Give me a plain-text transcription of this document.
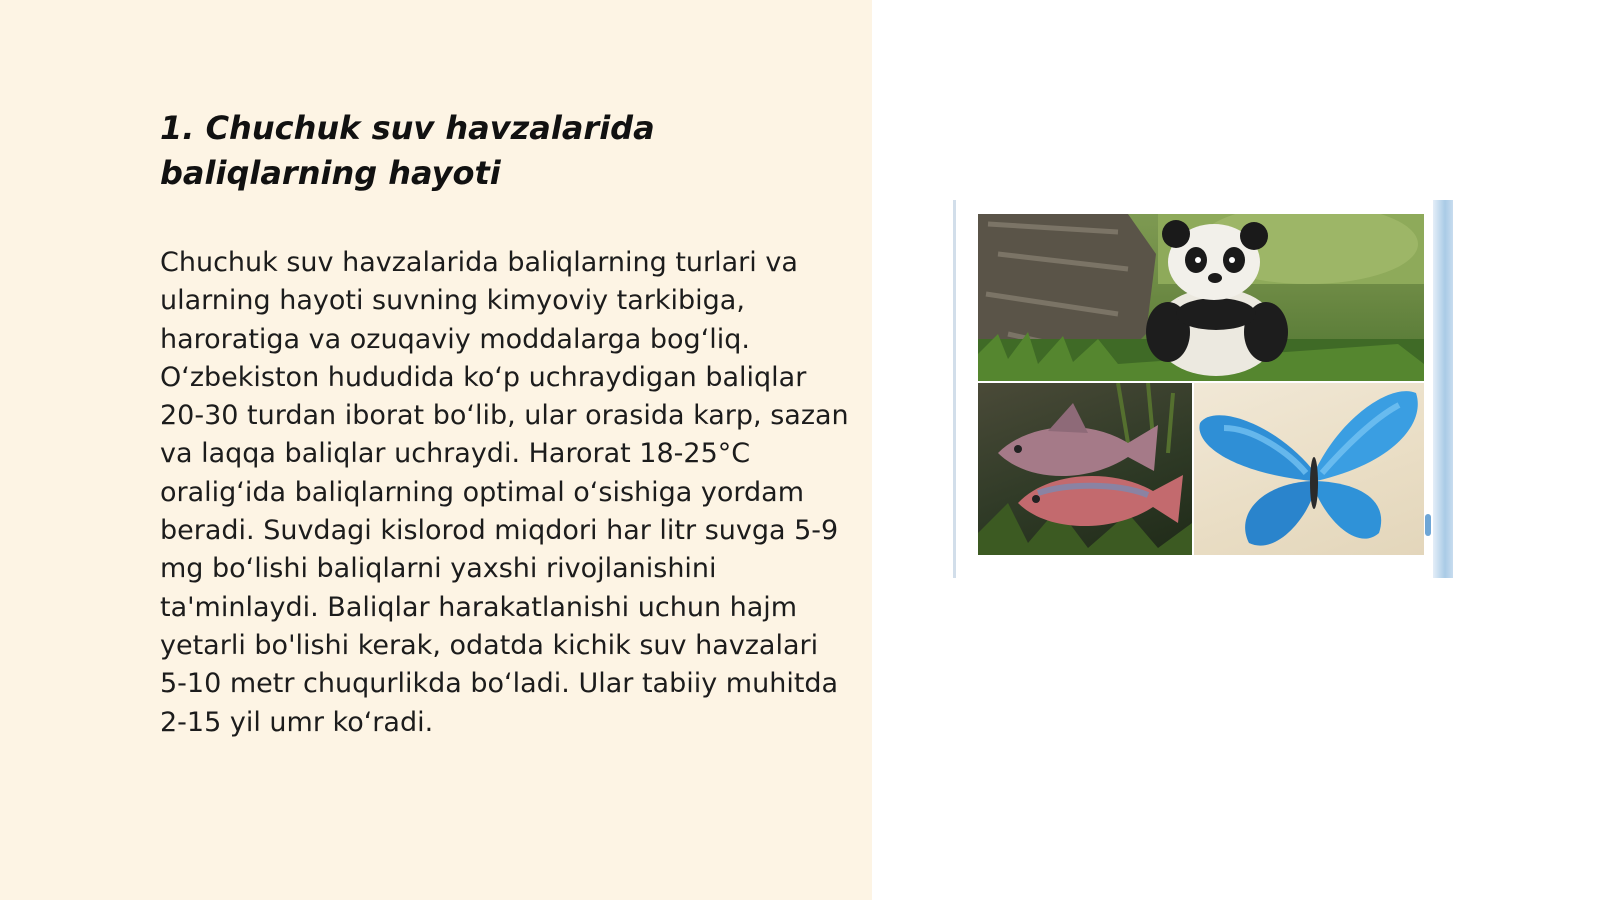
1. Chuchuk suv havzalarida baliqlarning hayoti

Chuchuk suv havzalarida baliqlarning turlari va ularning hayoti suvning kimyoviy tarkibiga, haroratiga va ozuqaviy moddalarga bog‘liq. O‘zbekiston hududida ko‘p uchraydigan baliqlar 20-30 turdan iborat bo‘lib, ular orasida karp, sazan va laqqa baliqlar uchraydi. Harorat 18-25°C oralig‘ida baliqlarning optimal o‘sishiga yordam beradi. Suvdagi kislorod miqdori har litr suvga 5-9 mg bo‘lishi baliqlarni yaxshi rivojlanishini ta'minlaydi. Baliqlar harakatlanishi uchun hajm yetarli bo'lishi kerak, odatda kichik suv havzalari 5-10 metr chuqurlikda bo‘ladi. Ular tabiiy muhitda 2-15 yil umr ko‘radi.
